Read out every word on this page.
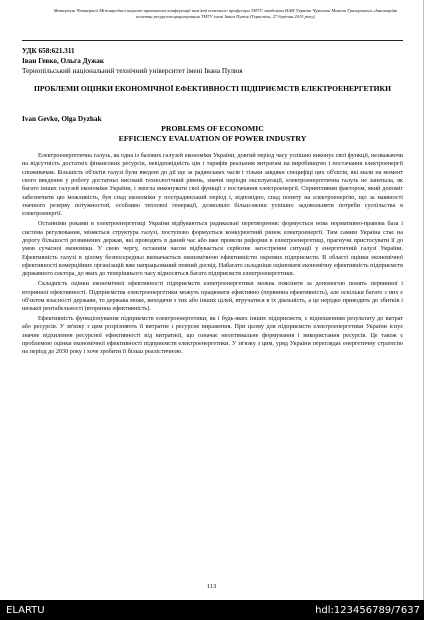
Матеріали Четвертої Міжнародної науково-практичної конференції пам'яті почесного професора ТНТУ, академіка НАН України Чумачені Миколи Григоровича «Інноваційні аспекти ресурсозощвщитування ТНТУ імені Івана Пулюя (Тернопіль, 27 березня 2015 року)
УДК 658:621.311
Іван Гевко, Ольга Дужак
Тернопільський національний технічний університет імені Івана Пулюя
ПРОБЛЕМИ ОЦІНКИ ЕКОНОМІЧНОЇ ЕФЕКТИВНОСТІ ПІДПРИЄМСТВ ЕЛЕКТРОЕНЕРГЕТИКИ
Ivan Gevko, Olga Dyzhak
PROBLEMS OF ECONOMIC
EFFICIENCY EVALUATION OF POWER INDUSTRY

Електроенергетична галузь, як одна із базових галузей економіки України, довгий період часу успішно виконує свої функції, незважаючи на відсутність достатніх фінансових ресурсів, невідповідність цін і тарифів реальним витратам на виробництво і постачання електроенергії споживачам. Більшість об'єктів галузі були введені до дії ще за радянських часів і тільки завдяки специфіці цих об'єктів, які мали на момент свого введення у роботу достатньо високий технологічний рівень, значні періоди експлуатації, електроенергетична галузь не занепала, як багато інших галузей економіки України, і змогла виконувати свої функції з постачання електроенергії. Сприятливим фактором, який допоміг забезпечити цю можливість, був спад економіки у пострадянський період і, відповідно, спад попиту на електроенергію, що за наявності значного резерву потужностей, особливо тепловоі генерації, дозволило більш-менш успішно задовольняти потреби суспільства в електроенергії.

Останніми роками в електроенергетиці України відбуваються радикальні перетворення: формується нова нормативно-правова база і система регулювання, міняється структура галузі, поступово формується конкурентний ринок електроенергії. Тим самим Україна стає на дорогу більшості розвинених держав, які проводять в даний час або вже провели реформи в електроенергетиці, прагнучи пристосувати її до умов сучасної економіки. У свою чергу, останнім часом відбувається серйозне загострення ситуації у енергетичній галузі України. Ефективність галузі в цілому безпосередньо визначається економічною ефективністю окремих підприємств. В області оцінки економічної ефективності комерційних організацій вже напрацьований певний досвід. Набагато складніше оцінювати економічну ефективність підприємств державного сектора, до яких до теперішнього часу відносяться багато підприємств електроенергетики.

Складність оцінки економічної ефективності підприємств електроенергетики можна пояснити за допомогою понять первинної і вторинної ефективності. Підприємства електроенергетики можуть працювати ефективно (первинна ефективність), але оскільки багато з них є об'єктом власності держави, то держава може, виходячи з тих або інших цілей, втручатися в їх діяльність, а це нерідко приводить до збитків і низької рентабельності (вторинна ефективність).

Ефективність функціонування підприємств електроенергетики, як і будь-яких інших підприємств, є відношенням результату до витрат або ресурсів. У зв'язку з цим розрізняють її витратне і ресурсне вираження. При цьому для підприємств електроенергетики України існує значне відхилення ресурсної ефективності від витратної, що означає неоптимальне формування і використання ресурсів. Це також є проблемою оцінки економічної ефективності підприємств електроенергетики. У зв'язку з цим, уряд України переглядає енергетичну стратегію на період до 2030 року і хоче зробити її більш реалістичною.

113
ELARTU	hdl:123456789/7637
